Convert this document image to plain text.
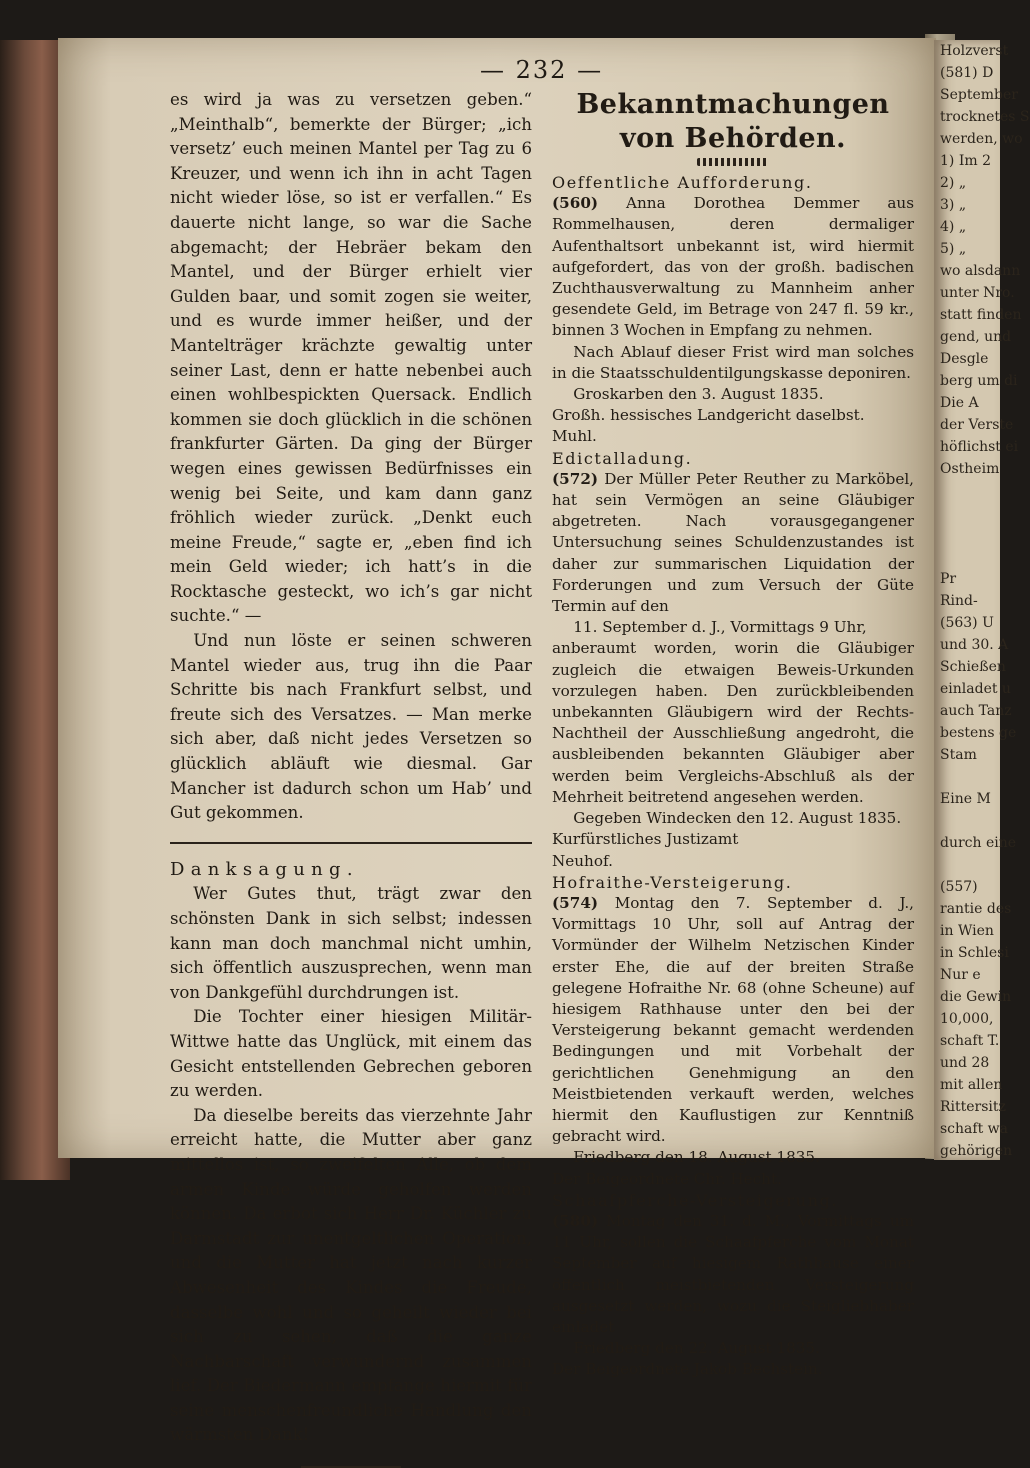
Holzverst
(581) D
September
trocknetes S
werden, wo
1) Im 2
2) „
3) „
4) „
5) „
wo alsdann
unter Nro.
statt finden
gend, und
Desgle
berg um di
Die A
der Verste
höflichst ei
Ostheim

Pr
Rind-
(563) U
und 30. A
Schießen
einladet u
auch Tanz
bestens ge
Stam

Eine M

durch eine

(557)
rantie des
in Wien
in Schlesi
Nur e
die Gewin
10,000,
schaft T.
und 28
mit allen
Rittersitz
schaft wa
gehörigen
— 232 —

es wird ja was zu versetzen geben.“ „Meinthalb“, bemerkte der Bürger; „ich versetz’ euch meinen Mantel per Tag zu 6 Kreuzer, und wenn ich ihn in acht Tagen nicht wieder löse, so ist er verfallen.“ Es dauerte nicht lange, so war die Sache abgemacht; der Hebräer bekam den Mantel, und der Bürger erhielt vier Gulden baar, und somit zogen sie weiter, und es wurde immer heißer, und der Mantelträger krächzte gewaltig unter seiner Last, denn er hatte nebenbei auch einen wohlbespickten Quersack. Endlich kommen sie doch glücklich in die schönen frankfurter Gärten. Da ging der Bürger wegen eines gewissen Bedürfnisses ein wenig bei Seite, und kam dann ganz fröhlich wieder zurück. „Denkt euch meine Freude,“ sagte er, „eben find ich mein Geld wieder; ich hatt’s in die Rocktasche gesteckt, wo ich’s gar nicht suchte.“ —

Und nun löste er seinen schweren Mantel wieder aus, trug ihn die Paar Schritte bis nach Frankfurt selbst, und freute sich des Versatzes. — Man merke sich aber, daß nicht jedes Versetzen so glücklich abläuft wie diesmal. Gar Mancher ist dadurch schon um Hab’ und Gut gekommen.

Danksagung.

Wer Gutes thut, trägt zwar den schönsten Dank in sich selbst; indessen kann man doch manchmal nicht umhin, sich öffentlich auszusprechen, wenn man von Dankgefühl durchdrungen ist.

Die Tochter einer hiesigen Militär-Wittwe hatte das Unglück, mit einem das Gesicht entstellenden Gebrechen geboren zu werden.

Da dieselbe bereits das vierzehnte Jahr erreicht hatte, die Mutter aber ganz mittellos ist, so zweifelten Alle, ob dem armen Kinde würde geholfen werden können. Da erbot sich Herr Dr. Küchler zu Darmstadt zur unentgeltlichen Operation, und die Mutter hat jetzt nach kurzer Abwesenheit des Kindes die Freude, dasselbe wohl und so geheilt wieder bei sich zu sehen, daß die ganze Nachbarschaft verwundernd zusammen lief. Der Biedermann empfange hiermit für seine menschenfreundliche Handlung den wärmsten Dank!

Bekanntmachungen von Behörden.

Oeffentliche Aufforderung.

(560) Anna Dorothea Demmer aus Rommelhausen, deren dermaliger Aufenthaltsort unbekannt ist, wird hiermit aufgefordert, das von der großh. badischen Zuchthausverwaltung zu Mannheim anher gesendete Geld, im Betrage von 247 fl. 59 kr., binnen 3 Wochen in Empfang zu nehmen.

Nach Ablauf dieser Frist wird man solches in die Staatsschuldentilgungskasse deponiren.

Groskarben den 3. August 1835.

Großh. hessisches Landgericht daselbst.

Muhl.

Edictalladung.

(572) Der Müller Peter Reuther zu Marköbel, hat sein Vermögen an seine Gläubiger abgetreten. Nach vorausgegangener Untersuchung seines Schuldenzustandes ist daher zur summarischen Liquidation der Forderungen und zum Versuch der Güte Termin auf den

11. September d. J., Vormittags 9 Uhr,

anberaumt worden, worin die Gläubiger zugleich die etwaigen Beweis-Urkunden vorzulegen haben. Den zurückbleibenden unbekannten Gläubigern wird der Rechts-Nachtheil der Ausschließung angedroht, die ausbleibenden bekannten Gläubiger aber werden beim Vergleichs-Abschluß als der Mehrheit beitretend angesehen werden.

Gegeben Windecken den 12. August 1835.

Kurfürstliches Justizamt

Neuhof.

Hofraithe-Versteigerung.

(574) Montag den 7. September d. J., Vormittags 10 Uhr, soll auf Antrag der Vormünder der Wilhelm Netzischen Kinder erster Ehe, die auf der breiten Straße gelegene Hofraithe Nr. 68 (ohne Scheune) auf hiesigem Rathhause unter den bei der Versteigerung bekannt gemacht werdenden Bedingungen und mit Vorbehalt der gerichtlichen Genehmigung an den Meistbietenden verkauft werden, welches hiermit den Kauflustigen zur Kenntniß gebracht wird.

Friedberg den 18. August 1835.

Der Beigeordnete Chr. Hecht.

Schaafpferche-Versteigerung.

(580) Montag den 31. d. M., Vormittags um 11 Uhr, sollen die Schaafpferche vom Monat September auf hiesigem Rathhause einer öffentlich meistbietenden Versteigerung ausgesetzt werden, wozu die Steigliebhaber einladet

Friedberg den 22. August 1835.

Der Beigeordnete Jakob Bechstein.
